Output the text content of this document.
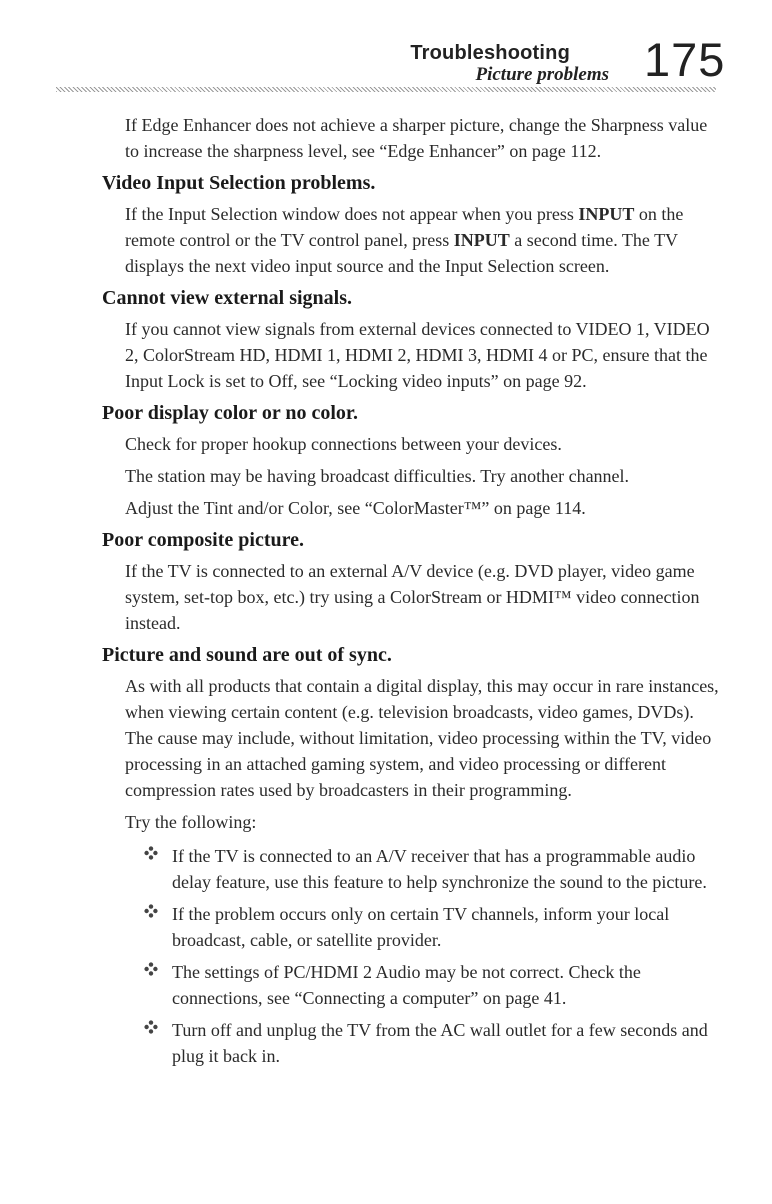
Troubleshooting
Picture problems 175

If Edge Enhancer does not achieve a sharper picture, change the Sharpness value to increase the sharpness level, see “Edge Enhancer” on page 112.

Video Input Selection problems.

If the Input Selection window does not appear when you press INPUT on the remote control or the TV control panel, press INPUT a second time. The TV displays the next video input source and the Input Selection screen.

Cannot view external signals.

If you cannot view signals from external devices connected to VIDEO 1, VIDEO 2, ColorStream HD, HDMI 1, HDMI 2, HDMI 3, HDMI 4 or PC, ensure that the Input Lock is set to Off, see “Locking video inputs” on page 92.

Poor display color or no color.

Check for proper hookup connections between your devices.

The station may be having broadcast difficulties. Try another channel.

Adjust the Tint and/or Color, see “ColorMaster™” on page 114.

Poor composite picture.

If the TV is connected to an external A/V device (e.g. DVD player, video game system, set-top box, etc.) try using a ColorStream or HDMI™ video connection instead.

Picture and sound are out of sync.

As with all products that contain a digital display, this may occur in rare instances, when viewing certain content (e.g. television broadcasts, video games, DVDs). The cause may include, without limitation, video processing within the TV, video processing in an attached gaming system, and video processing or different compression rates used by broadcasters in their programming.

Try the following:

If the TV is connected to an A/V receiver that has a programmable audio delay feature, use this feature to help synchronize the sound to the picture.
If the problem occurs only on certain TV channels, inform your local broadcast, cable, or satellite provider.
The settings of PC/HDMI 2 Audio may be not correct. Check the connections, see “Connecting a computer” on page 41.
Turn off and unplug the TV from the AC wall outlet for a few seconds and plug it back in.
